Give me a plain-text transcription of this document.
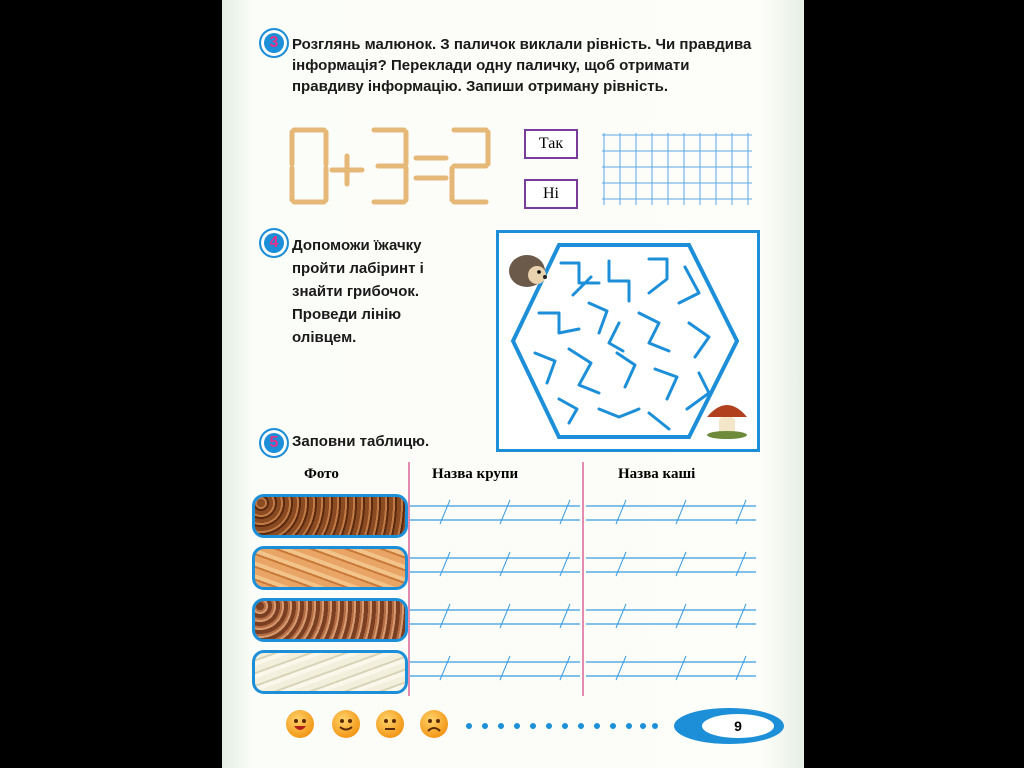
3 Розглянь малюнок. З паличок виклали рівність. Чи правдива інформація? Переклади одну паличку, щоб отримати правдиву інформацію. Запиши отриману рівність.
Так
Ні
4 Допоможи їжачку пройти лабіринт і знайти грибочок. Проведи лінію олівцем.
5 Заповни таблицю.
Фото	Назва крупи	Назва каші
9
